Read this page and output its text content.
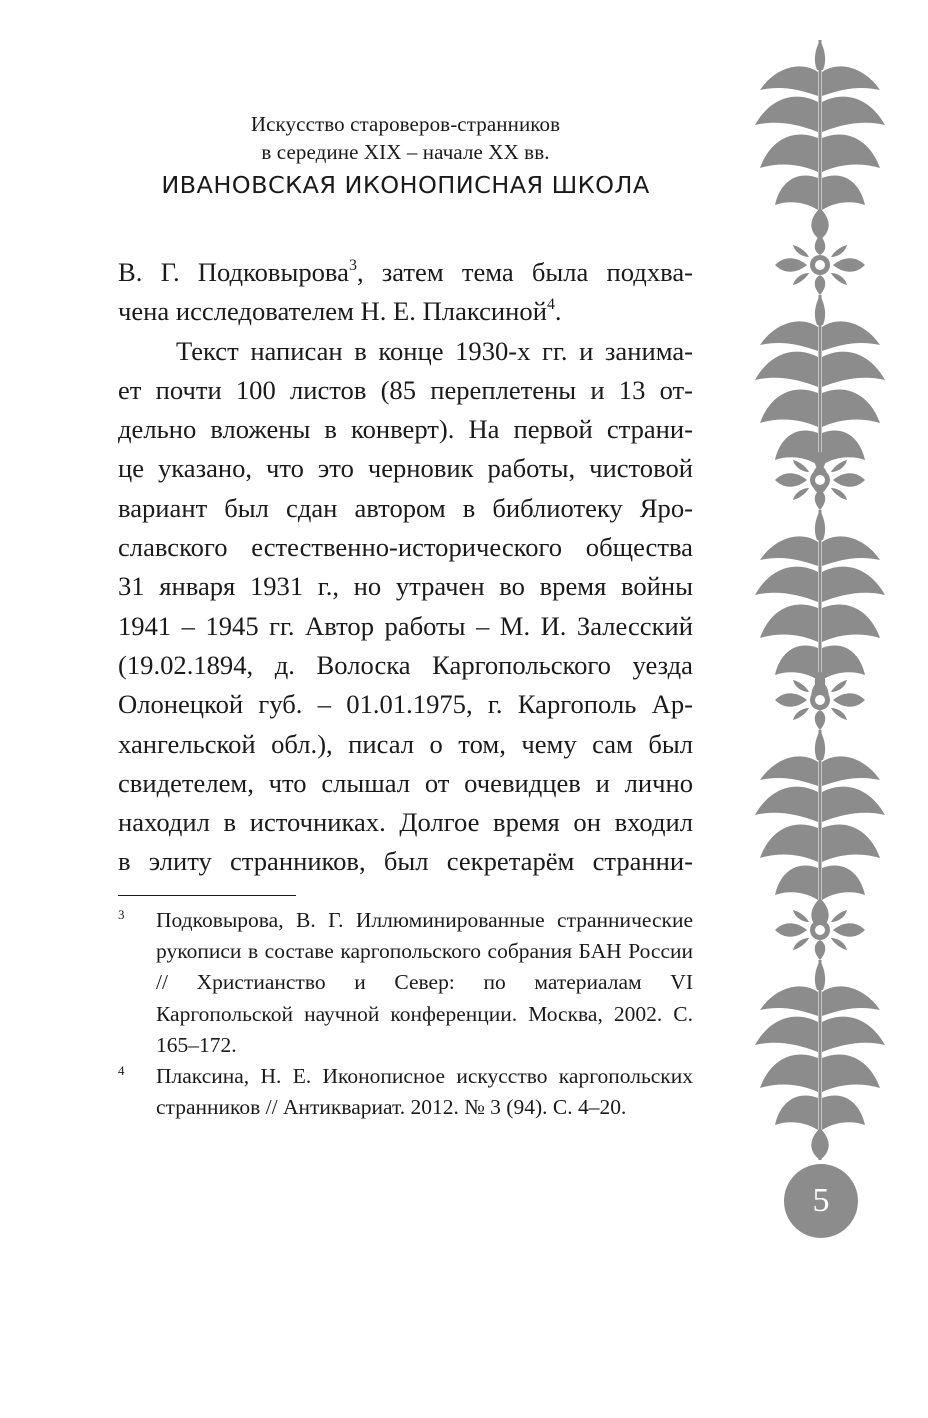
Искусство староверов-странников
в середине XIX – начале XX вв.
ИВАНОВСКАЯ ИКОНОПИСНАЯ ШКОЛА

В. Г. Подковырова$^3$, затем тема была подхва-

чена исследователем Н. Е. Плаксиной$^4$.

Текст написан в конце 1930-х гг. и занима-

ет почти 100 листов (85 переплетены и 13 от-

дельно вложены в конверт). На первой страни-

це указано, что это черновик работы, чистовой

вариант был сдан автором в библиотеку Яро-

славского естественно-исторического общества

31 января 1931 г., но утрачен во время войны

1941 – 1945 гг. Автор работы – М. И. Залесский

(19.02.1894, д. Волоска Каргопольского уезда

Олонецкой губ. – 01.01.1975, г. Каргополь Ар-

хангельской обл.), писал о том, чему сам был

свидетелем, что слышал от очевидцев и лично

находил в источниках. Долгое время он входил

в элиту странников, был секретарём странни-

3 Подковырова, В. Г. Иллюминированные страннические рукописи в составе каргопольского собрания БАН России // Христианство и Север: по материалам VI Каргопольской научной конференции. Москва, 2002. С. 165–172.
4 Плаксина, Н. Е. Иконописное искусство каргопольских странников // Антиквариат. 2012. № 3 (94). С. 4–20.
5
